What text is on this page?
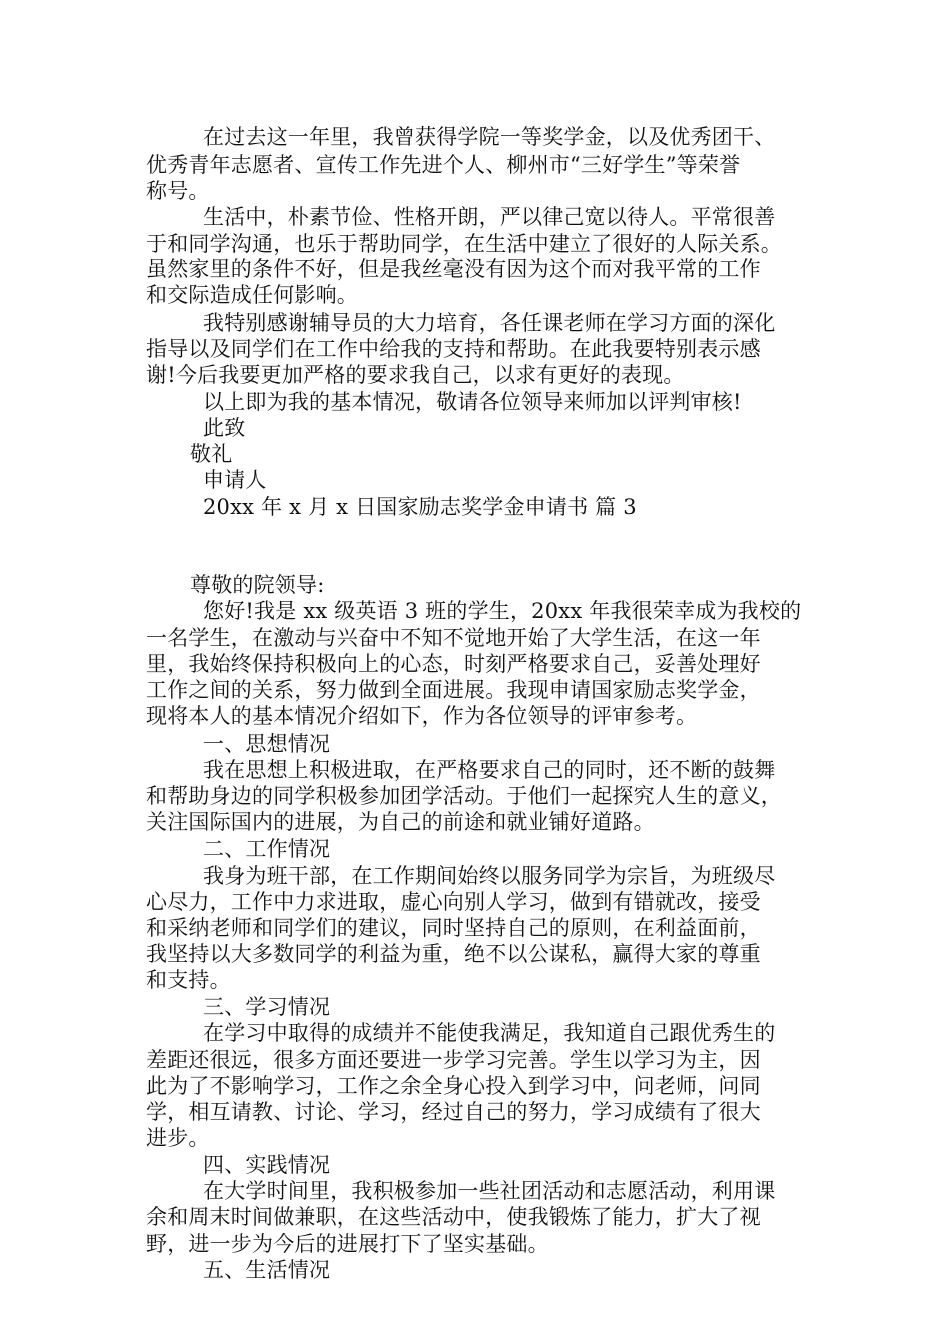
在过去这一年里，我曾获得学院一等奖学金，以及优秀团干、
优秀青年志愿者、宣传工作先进个人、柳州市“三好学生”等荣誉
称号。
生活中，朴素节俭、性格开朗，严以律己宽以待人。平常很善
于和同学沟通，也乐于帮助同学，在生活中建立了很好的人际关系。
虽然家里的条件不好，但是我丝毫没有因为这个而对我平常的工作
和交际造成任何影响。
我特别感谢辅导员的大力培育，各任课老师在学习方面的深化
指导以及同学们在工作中给我的支持和帮助。在此我要特别表示感
谢!今后我要更加严格的要求我自己，以求有更好的表现。
以上即为我的基本情况，敬请各位领导来师加以评判审核!
此致
敬礼
申请人
20xx 年 x 月 x 日国家励志奖学金申请书 篇 3
尊敬的院领导:
您好!我是 xx 级英语 3 班的学生，20xx 年我很荣幸成为我校的
一名学生，在激动与兴奋中不知不觉地开始了大学生活，在这一年
里，我始终保持积极向上的心态，时刻严格要求自己，妥善处理好
工作之间的关系，努力做到全面进展。我现申请国家励志奖学金，
现将本人的基本情况介绍如下，作为各位领导的评审参考。
一、思想情况
我在思想上积极进取，在严格要求自己的同时，还不断的鼓舞
和帮助身边的同学积极参加团学活动。于他们一起探究人生的意义，
关注国际国内的进展，为自己的前途和就业铺好道路。
二、工作情况
我身为班干部，在工作期间始终以服务同学为宗旨，为班级尽
心尽力，工作中力求进取，虚心向别人学习，做到有错就改，接受
和采纳老师和同学们的建议，同时坚持自己的原则，在利益面前，
我坚持以大多数同学的利益为重，绝不以公谋私，赢得大家的尊重
和支持。
三、学习情况
在学习中取得的成绩并不能使我满足，我知道自己跟优秀生的
差距还很远，很多方面还要进一步学习完善。学生以学习为主，因
此为了不影响学习，工作之余全身心投入到学习中，问老师，问同
学，相互请教、讨论、学习，经过自己的努力，学习成绩有了很大
进步。
四、实践情况
在大学时间里，我积极参加一些社团活动和志愿活动，利用课
余和周末时间做兼职，在这些活动中，使我锻炼了能力，扩大了视
野，进一步为今后的进展打下了坚实基础。
五、生活情况
